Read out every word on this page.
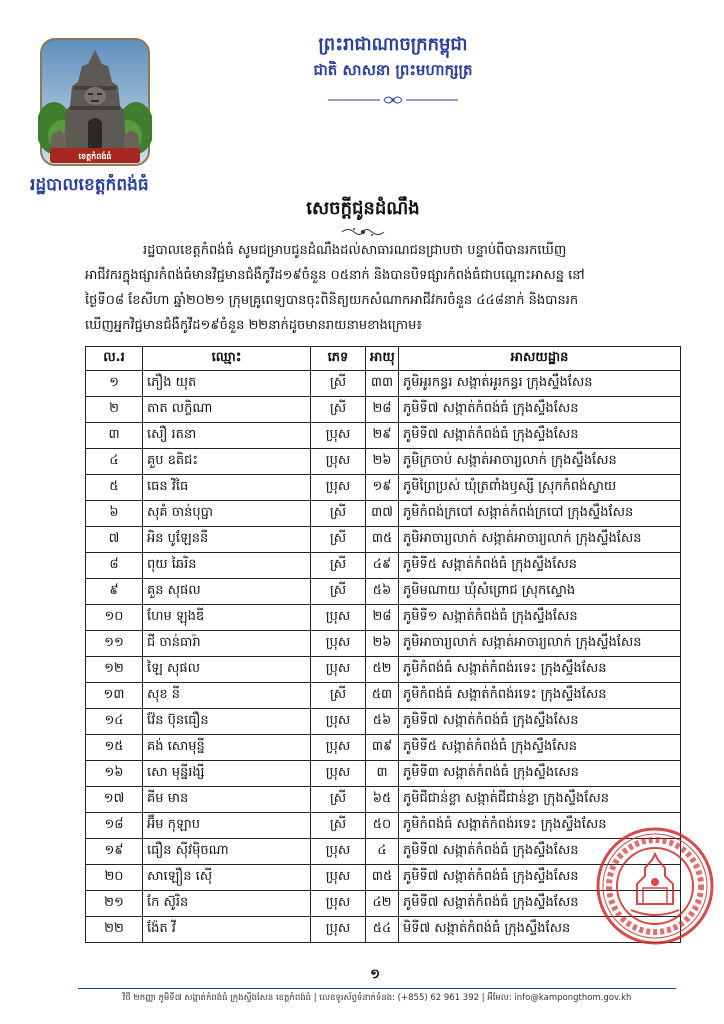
ខេត្តកំពង់ធំ
ព្រះរាជាណាចក្រកម្ពុជា
ជាតិ សាសនា ព្រះមហាក្សត្រ
រដ្ឋបាលខេត្តកំពង់ធំ
សេចក្តីជូនដំណឹង
រដ្ឋបាលខេត្តកំពង់ធំ សូមជម្រាបជូនដំណឹងដល់សាធារណជនជ្រាបថា បន្ទាប់ពីបានរកឃើញ
អាជីវករក្នុងផ្សារកំពង់ធំមានវិជ្ជមានជំងឺកូវីដ១៩ចំនួន ០៥នាក់ និងបានបិទផ្សារកំពង់ធំជាបណ្តោះអាសន្ន នៅ
ថ្ងៃទី០៨ ខែសីហា ឆ្នាំ២០២១ ក្រុមគ្រូពេទ្យបានចុះពិនិត្យយកសំណាកអាជីវករចំនួន ៤៤៨នាក់ និងបានរក
ឃើញអ្នកវិជ្ជមានជំងឺកូវីដ១៩ចំនួន ២២នាក់ដូចមានរាយនាមខាងក្រោម៖
ល.រ	ឈ្មោះ	ភេទ	អាយុ	អាសយដ្ឋាន
១	ភឿង យុត	ស្រី	៣៣	ភូមិអូរកន្ធរ សង្កាត់អូរកន្ធរ ក្រុងស្ទឹងសែន
២	តាត លក្ខិណា	ស្រី	២៨	ភូមិទី៧ សង្កាត់កំពង់ធំ ក្រុងស្ទឹងសែន
៣	សឿ រតនា	ប្រុស	២៩	ភូមិទី៧ សង្កាត់កំពង់ធំ ក្រុងស្ទឹងសែន
៤	គួប ឧតិជះ	ប្រុស	២៦	ភូមិក្រចាប់ សង្កាត់អាចារ្យលាក់ ក្រុងស្ទឹងសែន
៥	ធេន វិធៃ	ប្រុស	១៩	ភូមិព្រៃប្រស់ ឃុំត្រពាំងឫស្សី ស្រុកកំពង់ស្វាយ
៦	សុគំ ចាន់បុប្ផា	ស្រី	៣៧	ភូមិកំពង់ក្របៅ សង្កាត់កំពង់ក្របៅ ក្រុងស្ទឹងសែន
៧	អិន បូឡែននី	ស្រី	៣៥	ភូមិអាចារ្យលាក់ សង្កាត់អាចារ្យលាក់ ក្រុងស្ទឹងសែន
៨	ពុយ ឆៃរិន	ស្រី	៤៩	ភូមិទី៥ សង្កាត់កំពង់ធំ ក្រុងស្ទឹងសែន
៩	គួន សុផល	ស្រី	៥៦	ភូមិមណាយ ឃុំសំព្រោជ ស្រុកស្ទោង
១០	ហែម ឡុងឌី	ប្រុស	២៨	ភូមិទី១ សង្កាត់កំពង់ធំ ក្រុងស្ទឹងសែន
១១	ជី ចាន់ធារ៉ា	ប្រុស	២៦	ភូមិអាចារ្យលាក់ សង្កាត់អាចារ្យលាក់ ក្រុងស្ទឹងសែន
១២	ឡៃ សុផល	ប្រុស	៥២	ភូមិកំពង់ធំ សង្កាត់កំពង់រទេះ ក្រុងស្ទឹងសែន
១៣	សុខ នី	ស្រី	៥៣	ភូមិកំពង់ធំ សង្កាត់កំពង់រទេះ ក្រុងស្ទឹងសែន
១៤	វ៉ែន ប៊ុនធឿន	ប្រុស	៥៦	ភូមិទី៧ សង្កាត់កំពង់ធំ ក្រុងស្ទឹងសែន
១៥	គង់ សោមុន្នី	ប្រុស	៣៩	ភូមិទី៥ សង្កាត់កំពង់ធំ ក្រុងស្ទឹងសែន
១៦	សោ មុន្នីរង្សី	ប្រុស	៣	ភូមិទី៣ សង្កាត់កំពង់ធំ ក្រុងស្ទឹងសេន
១៧	គីម មាន	ស្រី	៦៥	ភូមិជីជាន់ខ្លា សង្កាត់ជីជាន់ខ្លា ក្រុងស្ទឹងសែន
១៨	អ៊ឹម កុឡាប	ស្រី	៥០	ភូមិកំពង់ធំ សង្កាត់កំពង់រទេះ ក្រុងស្ទឹងសែន
១៩	ធឿន ស៊ីវម៉ិចណា	ប្រុស	៤	ភូមិទី៧ សង្កាត់កំពង់ធំ ក្រុងស្ទឹងសែន
២០	សាឡឿន ស៊ើ	ប្រុស	៣៥	ភូមិទី៧ សង្កាត់កំពង់ធំ ក្រុងស្ទឹងសែន
២១	កែ ស៊ូរិន	ប្រុស	៤២	ភូមិទី៧ សង្កាត់កំពង់ធំ ក្រុងស្ទឹងសែន
២២	ង៉ែត វី	ប្រុស	៥៤	មិទី៧ សង្កាត់កំពង់ធំ ក្រុងស្ទឹងសែន
១
វិថី ២កញ្ញា ភូមិទី៧ សង្កាត់កំពង់ធំ ក្រុងស្ទឹងសែន ខេត្តកំពង់ធំ | លេខទូរស័ព្ទទំនាក់ទំនង: (+855) 62 961 392 | អ៊ីមែល: info@kampongthom.gov.kh
